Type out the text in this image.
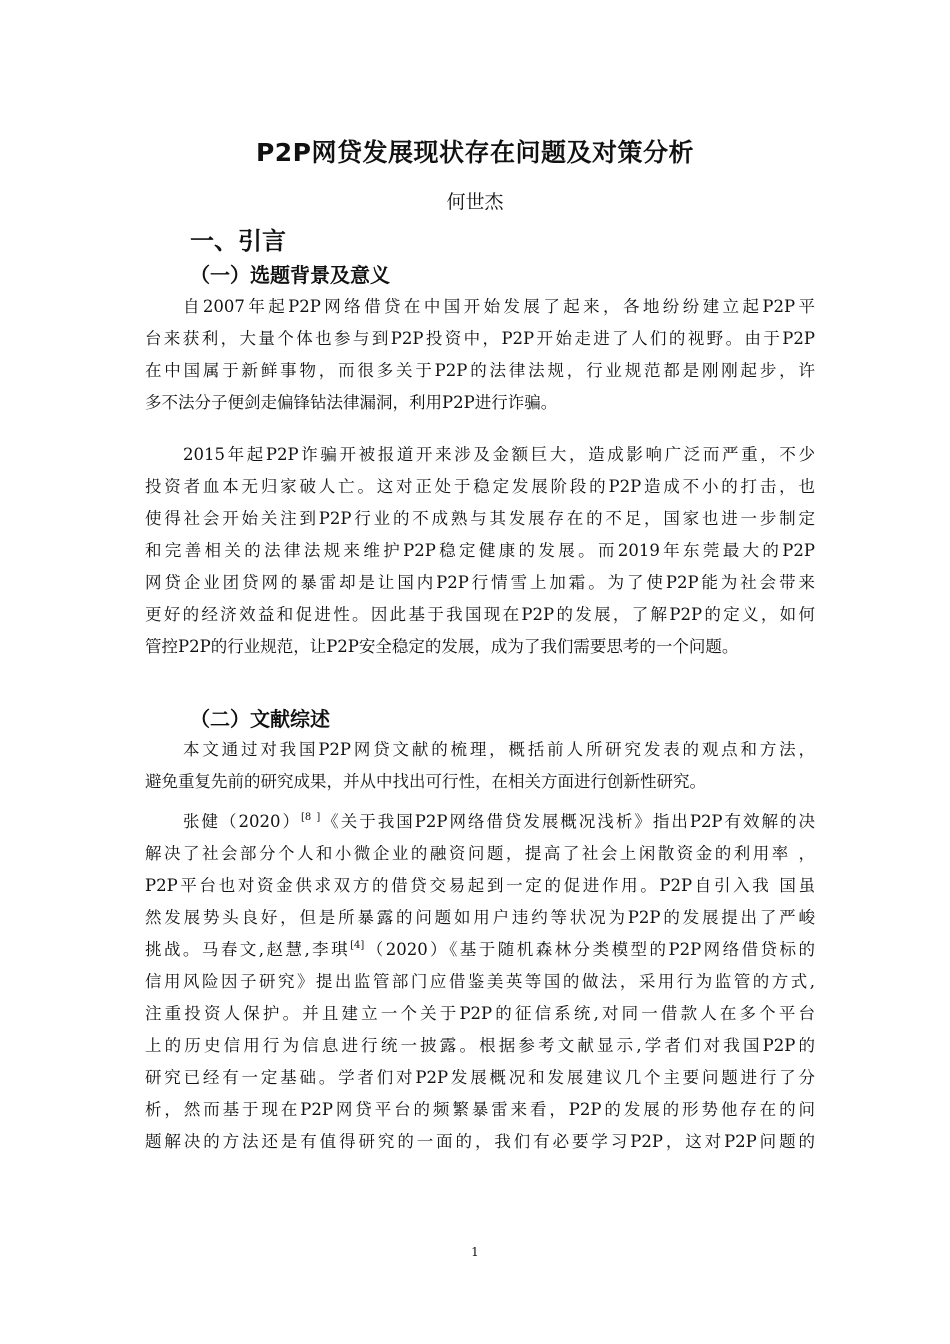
P2P网贷发展现状存在问题及对策分析
何世杰
一、引言
（一）选题背景及意义
自2007年起P2P网络借贷在中国开始发展了起来，各地纷纷建立起P2P平
台来获利，大量个体也参与到P2P投资中，P2P开始走进了人们的视野。由于P2P
在中国属于新鲜事物，而很多关于P2P的法律法规，行业规范都是刚刚起步，许
多不法分子便剑走偏锋钻法律漏洞，利用P2P进行诈骗。
2015年起P2P诈骗开被报道开来涉及金额巨大，造成影响广泛而严重，不少
投资者血本无归家破人亡。这对正处于稳定发展阶段的P2P造成不小的打击，也
使得社会开始关注到P2P行业的不成熟与其发展存在的不足，国家也进一步制定
和完善相关的法律法规来维护P2P稳定健康的发展。而2019年东莞最大的P2P
网贷企业团贷网的暴雷却是让国内P2P行情雪上加霜。为了使P2P能为社会带来
更好的经济效益和促进性。因此基于我国现在P2P的发展，了解P2P的定义，如何
管控P2P的行业规范，让P2P安全稳定的发展，成为了我们需要思考的一个问题。
（二）文献综述
本文通过对我国P2P网贷文献的梳理，概括前人所研究发表的观点和方法，
避免重复先前的研究成果，并从中找出可行性，在相关方面进行创新性研究。
张健（2020）[8 ]《关于我国P2P网络借贷发展概况浅析》指出P2P有效解的决
解决了社会部分个人和小微企业的融资问题，提高了社会上闲散资金的利用率 ，
P2P平台也对资金供求双方的借贷交易起到一定的促进作用。P2P自引入我 国虽
然发展势头良好，但是所暴露的问题如用户违约等状况为P2P的发展提出了严峻
挑战。马春文,赵慧,李琪[4]（2020）《基于随机森林分类模型的P2P网络借贷标的
信用风险因子研究》提出监管部门应借鉴美英等国的做法，采用行为监管的方式,
注重投资人保护。并且建立一个关于P2P的征信系统,对同一借款人在多个平台
上的历史信用行为信息进行统一披露。根据参考文献显示,学者们对我国P2P的
研究已经有一定基础。学者们对P2P发展概况和发展建议几个主要问题进行了分
析，然而基于现在P2P网贷平台的频繁暴雷来看，P2P的发展的形势他存在的问
题解决的方法还是有值得研究的一面的，我们有必要学习P2P，这对P2P问题的
1
